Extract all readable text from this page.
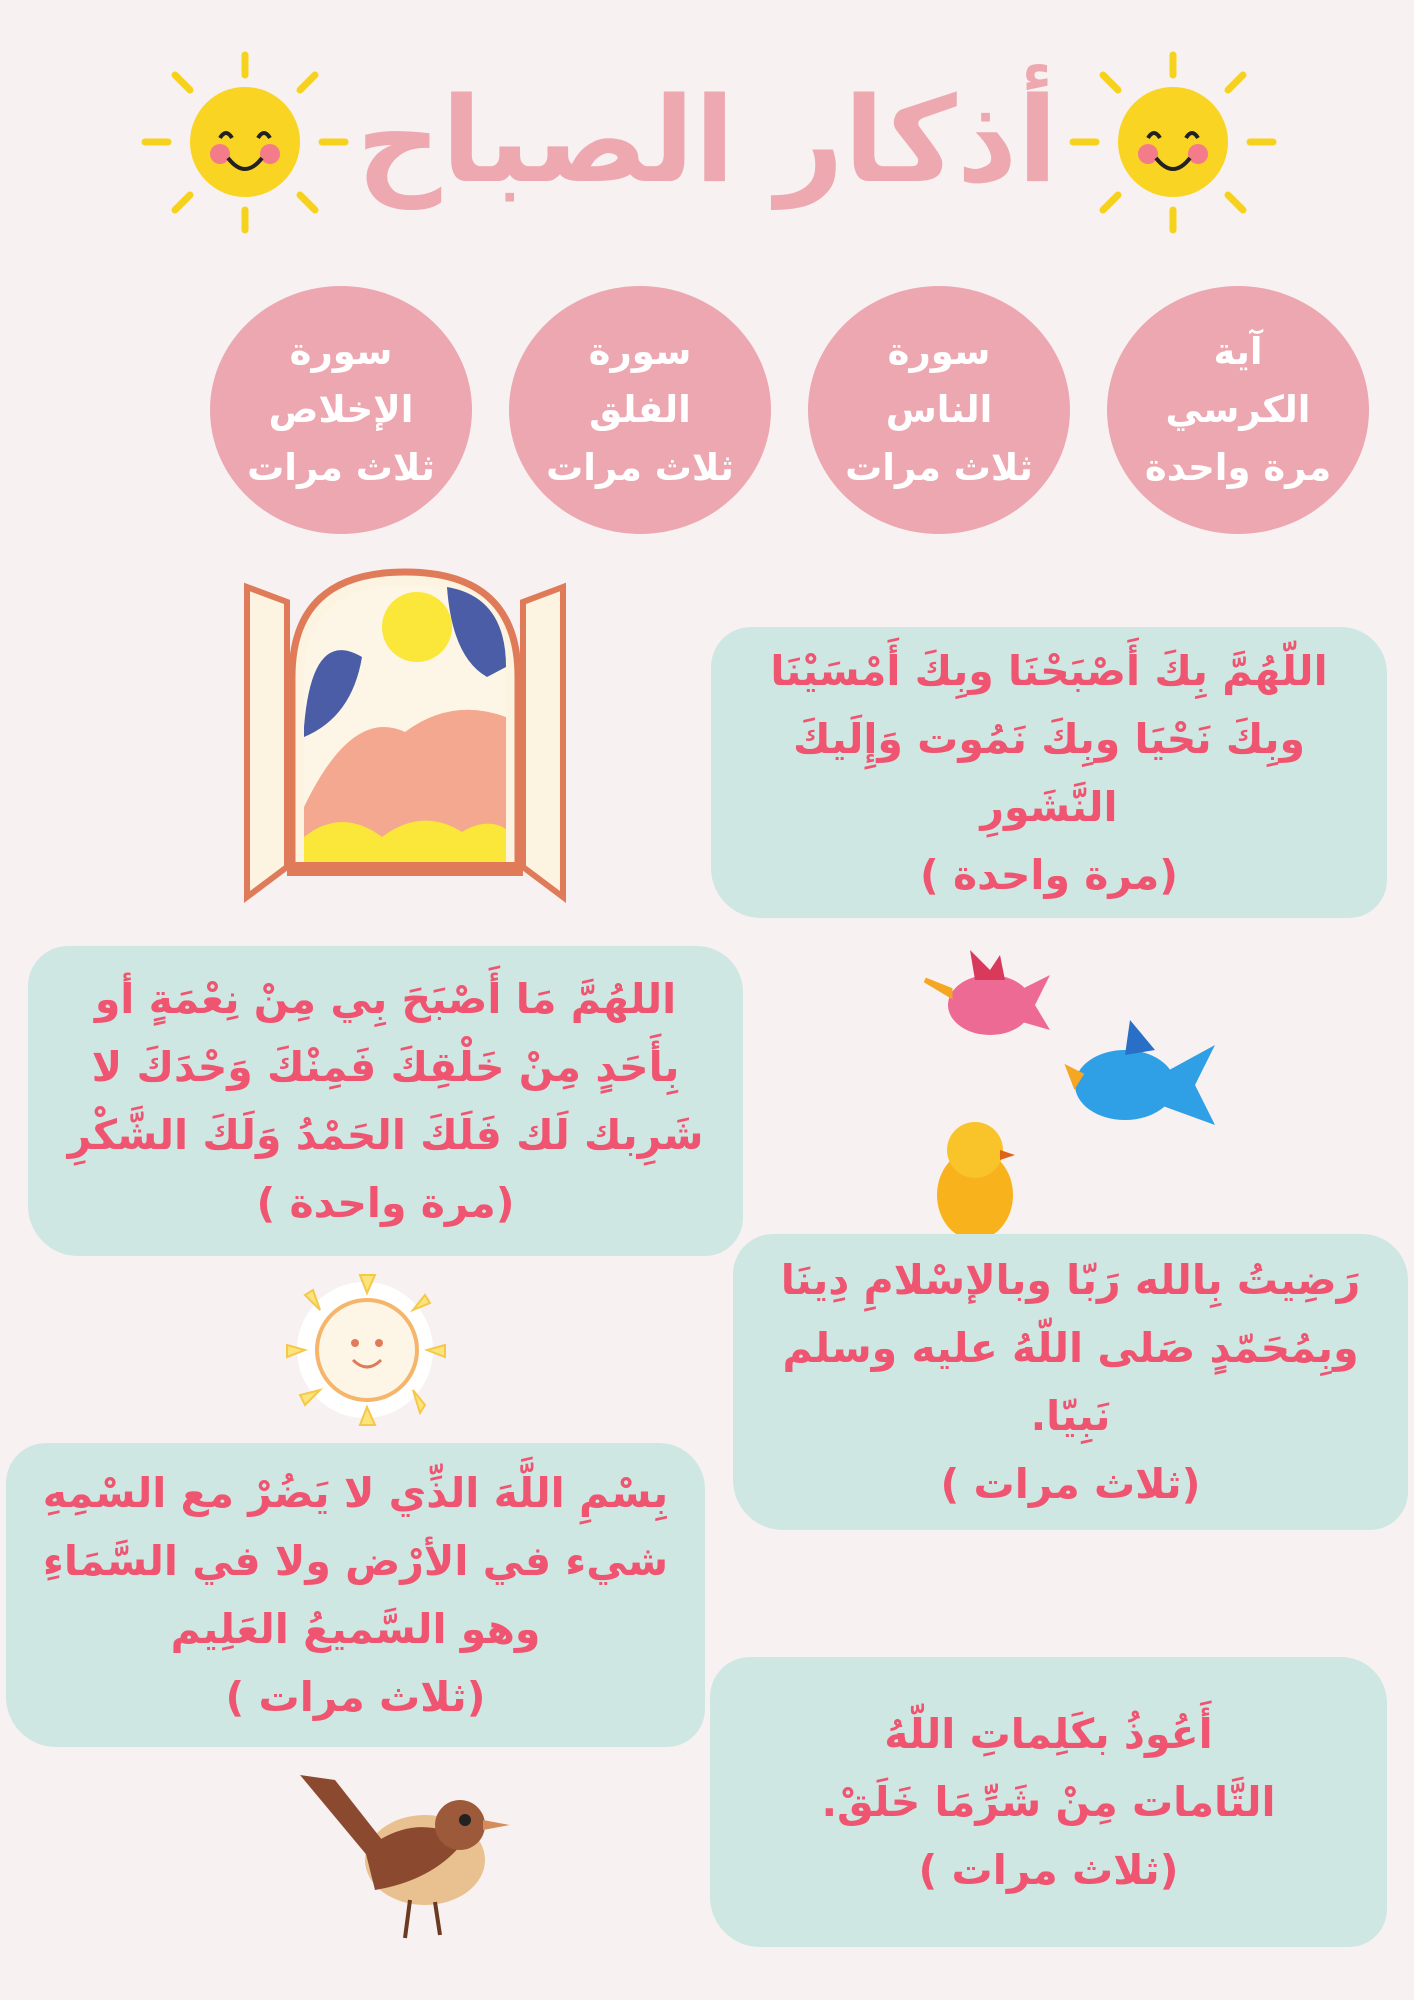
أذكار الصباح
آية
الكرسي
مرة واحدة
سورة
الناس
ثلاث مرات
سورة
الفلق
ثلاث مرات
سورة
الإخلاص
ثلاث مرات
اللّهُمَّ بِكَ أَصْبَحْنَا وبِكَ أَمْسَيْنَا
وبِكَ نَحْيَا وبِكَ نَمُوت وَإِلَيكَ
النَّشَورِ
(مرة واحدة )
اللهُمَّ مَا أَصْبَحَ بِي مِنْ نِعْمَةٍ أو
بِأَحَدٍ مِنْ خَلْقِكَ فَمِنْكَ وَحْدَكَ لا
شَرِبك لَك فَلَكَ الحَمْدُ وَلَكَ الشَّكْرِ
(مرة واحدة )
رَضِيتُ بِالله رَبّا وبالإسْلامِ دِينَا
وبِمُحَمّدٍ صَلى اللّهُ عليه وسلم
نَبِيّا.
(ثلاث مرات )
بِسْمِ اللَّهَ الذِّي لا يَضُرْ مع السْمِهِ
شيء في الأرْض ولا في السَّمَاءِ
وهو السَّميعُ العَلِيم
(ثلاث مرات )
أَعُوذُ بكَلِماتِ اللّهُ
التَّامات مِنْ شَرِّمَا خَلَقْ.
(ثلاث مرات )
